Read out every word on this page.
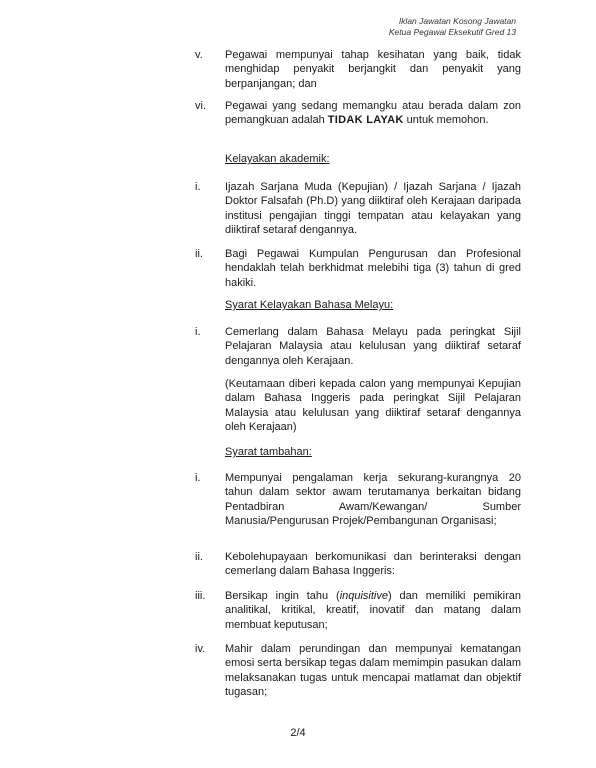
Iklan Jawatan Kosong Jawatan
Ketua Pegawai Eksekutif Gred 13
v.	Pegawai mempunyai tahap kesihatan yang baik, tidak menghidap penyakit berjangkit dan penyakit yang berpanjangan; dan
vi.	Pegawai yang sedang memangku atau berada dalam zon pemangkuan adalah TIDAK LAYAK untuk memohon.
Kelayakan akademik:
i.	Ijazah Sarjana Muda (Kepujian) / Ijazah Sarjana / Ijazah Doktor Falsafah (Ph.D) yang diiktiraf oleh Kerajaan daripada institusi pengajian tinggi tempatan atau kelayakan yang diiktiraf setaraf dengannya.
ii.	Bagi Pegawai Kumpulan Pengurusan dan Profesional hendaklah telah berkhidmat melebihi tiga (3) tahun di gred hakiki.
Syarat Kelayakan Bahasa Melayu:
i.	Cemerlang dalam Bahasa Melayu pada peringkat Sijil Pelajaran Malaysia atau kelulusan yang diiktiraf setaraf dengannya oleh Kerajaan.
(Keutamaan diberi kepada calon yang mempunyai Kepujian dalam Bahasa Inggeris pada peringkat Sijil Pelajaran Malaysia atau kelulusan yang diiktiraf setaraf dengannya oleh Kerajaan)
Syarat tambahan:
i.	Mempunyai pengalaman kerja sekurang-kurangnya 20 tahun dalam sektor awam terutamanya berkaitan bidang Pentadbiran Awam/Kewangan/ Sumber Manusia/Pengurusan Projek/Pembangunan Organisasi;
ii.	Kebolehupayaan berkomunikasi dan berinteraksi dengan cemerlang dalam Bahasa Inggeris:
iii.	Bersikap ingin tahu (inquisitive) dan memiliki pemikiran analitikal, kritikal, kreatif, inovatif dan matang dalam membuat keputusan;
iv.	Mahir dalam perundingan dan mempunyai kematangan emosi serta bersikap tegas dalam memimpin pasukan dalam melaksanakan tugas untuk mencapai matlamat dan objektif tugasan;
2/4
